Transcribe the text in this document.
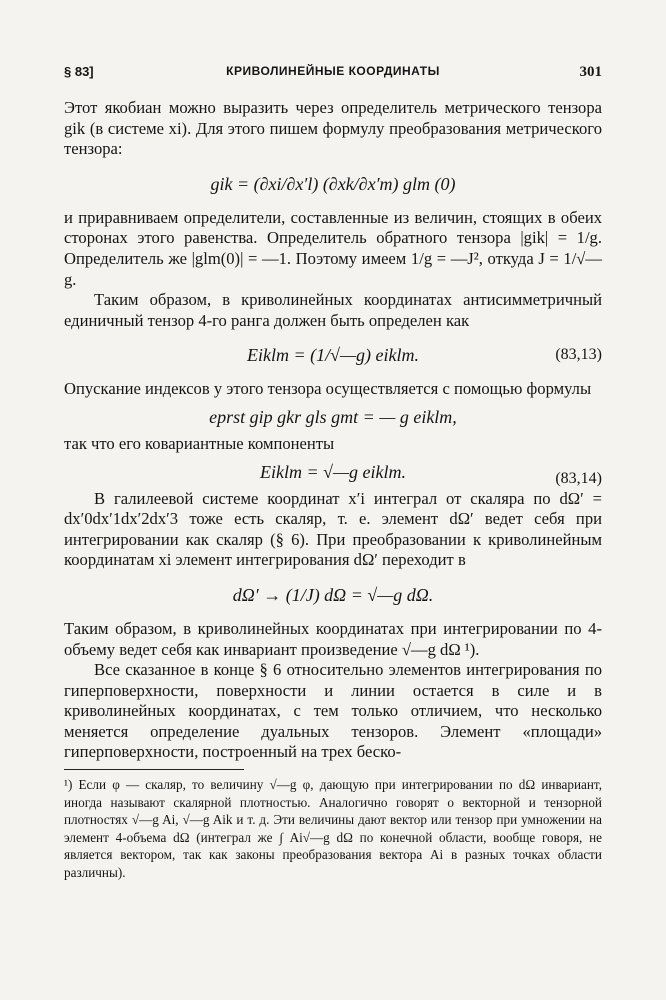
§ 83]	КРИВОЛИНЕЙНЫЕ КООРДИНАТЫ	301

Этот якобиан можно выразить через определитель метрического тензора gik (в системе xi). Для этого пишем формулу преобразования метрического тензора:

gik = (∂xi/∂x′l) (∂xk/∂x′m) glm (0)

и приравниваем определители, составленные из величин, стоящих в обеих сторонах этого равенства. Определитель обратного тензора |gik| = 1/g. Определитель же |glm(0)| = —1. Поэтому имеем 1/g = —J², откуда J = 1/√—g.

Таким образом, в криволинейных координатах антисимметричный единичный тензор 4-го ранга должен быть определен как

Eiklm = (1/√—g) eiklm.	(83,13)

Опускание индексов у этого тензора осуществляется с помощью формулы

eprst gip gkr gls gmt = — g eiklm,

так что его ковариантные компоненты

Eiklm = √—g eiklm.	(83,14)

В галилеевой системе координат x′i интеграл от скаляра по dΩ′ = dx′0dx′1dx′2dx′3 тоже есть скаляр, т. е. элемент dΩ′ ведет себя при интегрировании как скаляр (§ 6). При преобразовании к криволинейным координатам xi элемент интегрирования dΩ′ переходит в

dΩ′ → (1/J) dΩ = √—g dΩ.

Таким образом, в криволинейных координатах при интегрировании по 4-объему ведет себя как инвариант произведение √—g dΩ ¹).

Все сказанное в конце § 6 относительно элементов интегрирования по гиперповерхности, поверхности и линии остается в силе и в криволинейных координатах, с тем только отличием, что несколько меняется определение дуальных тензоров. Элемент «площади» гиперповерхности, построенный на трех беско-

¹) Если φ — скаляр, то величину √—g φ, дающую при интегрировании по dΩ инвариант, иногда называют скалярной плотностью. Аналогично говорят о векторной и тензорной плотностях √—g Ai, √—g Aik и т. д. Эти величины дают вектор или тензор при умножении на элемент 4-объема dΩ (интеграл же ∫ Ai√—g dΩ по конечной области, вообще говоря, не является вектором, так как законы преобразования вектора Ai в разных точках области различны).
